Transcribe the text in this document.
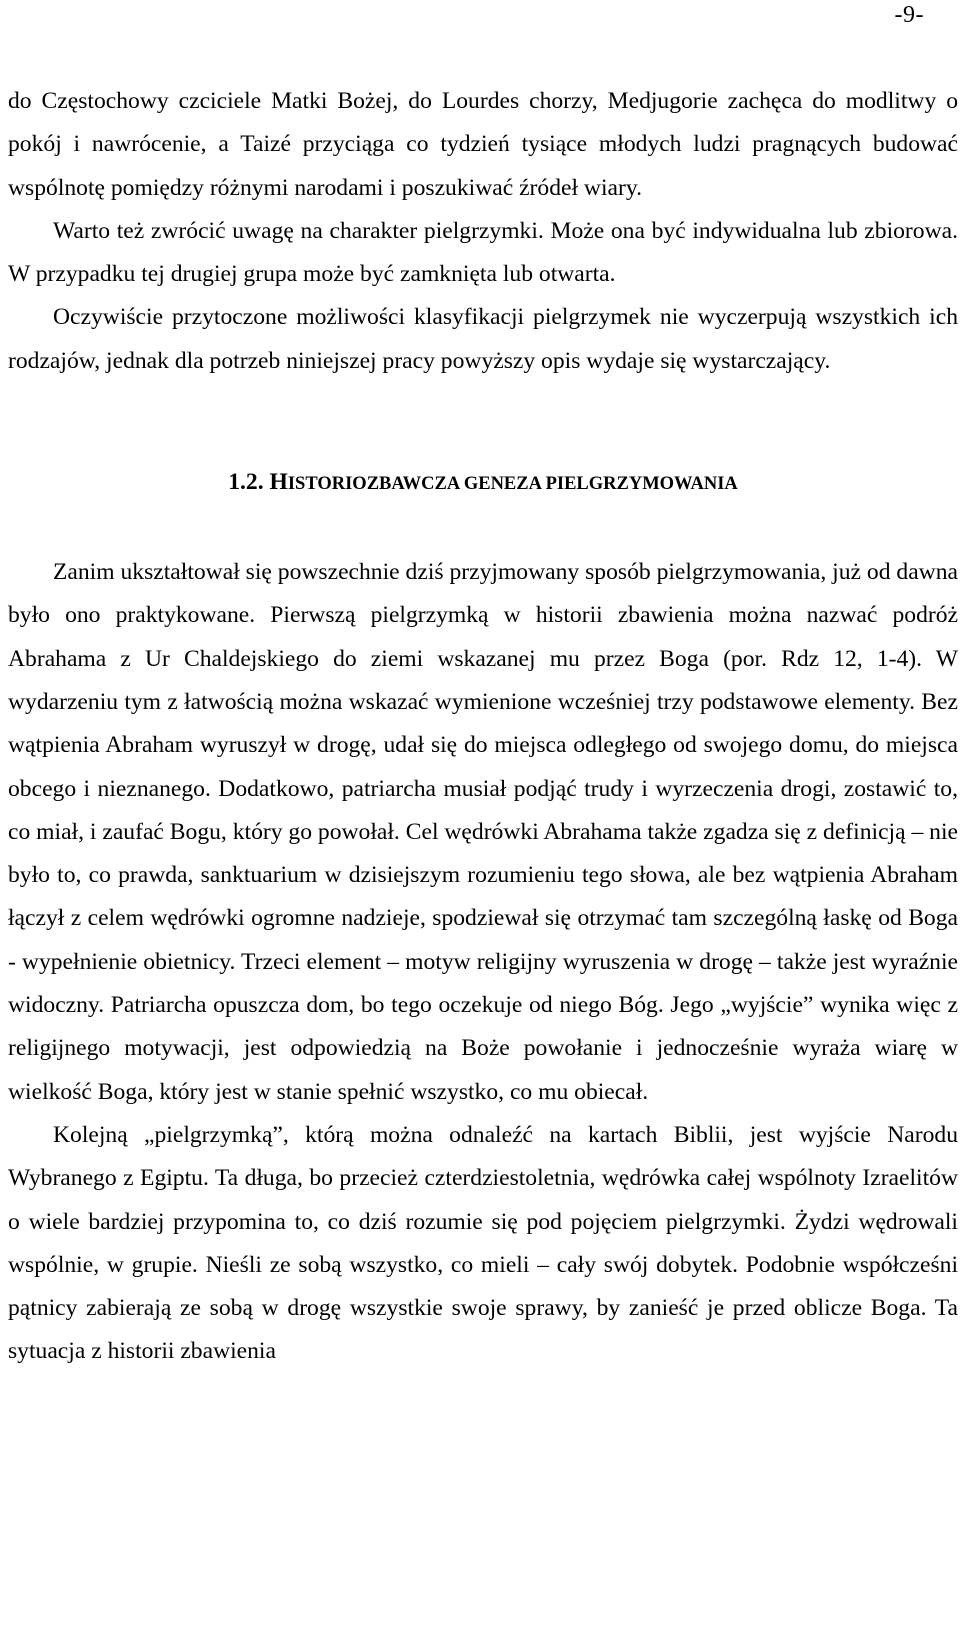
-9-

do Częstochowy czciciele Matki Bożej, do Lourdes chorzy, Medjugorie zachęca do modlitwy o pokój i nawrócenie, a Taizé przyciąga co tydzień tysiące młodych ludzi pragnących budować wspólnotę pomiędzy różnymi narodami i poszukiwać źródeł wiary.

Warto też zwrócić uwagę na charakter pielgrzymki. Może ona być indywidualna lub zbiorowa. W przypadku tej drugiej grupa może być zamknięta lub otwarta.

Oczywiście przytoczone możliwości klasyfikacji pielgrzymek nie wyczerpują wszystkich ich rodzajów, jednak dla potrzeb niniejszej pracy powyższy opis wydaje się wystarczający.

1.2. HISTORIOZBAWCZA GENEZA PIELGRZYMOWANIA

Zanim ukształtował się powszechnie dziś przyjmowany sposób pielgrzymowania, już od dawna było ono praktykowane. Pierwszą pielgrzymką w historii zbawienia można nazwać podróż Abrahama z Ur Chaldejskiego do ziemi wskazanej mu przez Boga (por. Rdz 12, 1-4). W wydarzeniu tym z łatwością można wskazać wymienione wcześniej trzy podstawowe elementy. Bez wątpienia Abraham wyruszył w drogę, udał się do miejsca odległego od swojego domu, do miejsca obcego i nieznanego. Dodatkowo, patriarcha musiał podjąć trudy i wyrzeczenia drogi, zostawić to, co miał, i zaufać Bogu, który go powołał. Cel wędrówki Abrahama także zgadza się z definicją – nie było to, co prawda, sanktuarium w dzisiejszym rozumieniu tego słowa, ale bez wątpienia Abraham łączył z celem wędrówki ogromne nadzieje, spodziewał się otrzymać tam szczególną łaskę od Boga - wypełnienie obietnicy. Trzeci element – motyw religijny wyruszenia w drogę – także jest wyraźnie widoczny. Patriarcha opuszcza dom, bo tego oczekuje od niego Bóg. Jego „wyjście” wynika więc z religijnego motywacji, jest odpowiedzią na Boże powołanie i jednocześnie wyraża wiarę w wielkość Boga, który jest w stanie spełnić wszystko, co mu obiecał.

Kolejną „pielgrzymką”, którą można odnaleźć na kartach Biblii, jest wyjście Narodu Wybranego z Egiptu. Ta długa, bo przecież czterdziestoletnia, wędrówka całej wspólnoty Izraelitów o wiele bardziej przypomina to, co dziś rozumie się pod pojęciem pielgrzymki. Żydzi wędrowali wspólnie, w grupie. Nieśli ze sobą wszystko, co mieli – cały swój dobytek. Podobnie współcześni pątnicy zabierają ze sobą w drogę wszystkie swoje sprawy, by zanieść je przed oblicze Boga. Ta sytuacja z historii zbawienia
